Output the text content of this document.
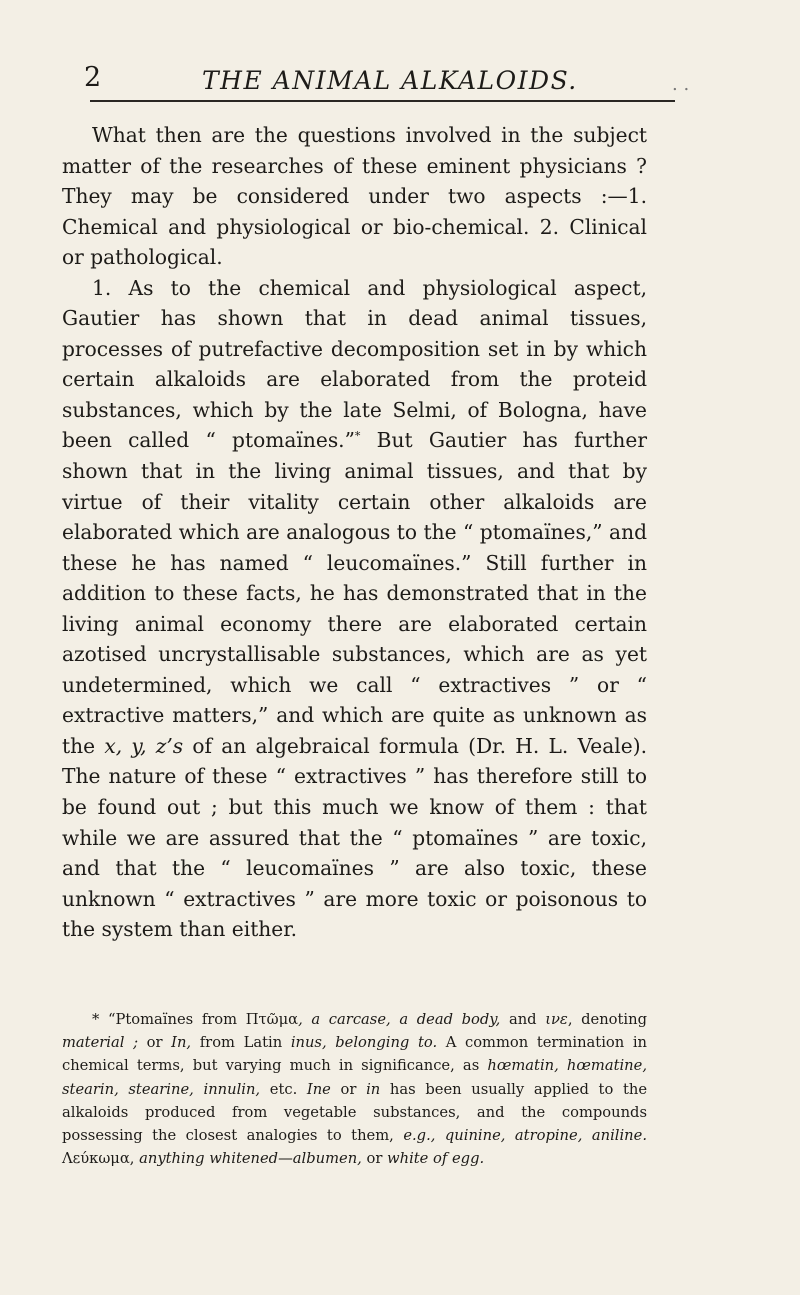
2	THE ANIMAL ALKALOIDS.	. .

What then are the questions involved in the subject matter of the researches of these eminent physicians ? They may be considered under two aspects :—1. Chemical and physiological or bio-chemical. 2. Clinical or pathological.

1. As to the chemical and physiological aspect, Gautier has shown that in dead animal tissues, processes of putrefactive decomposition set in by which certain alkaloids are elaborated from the proteid substances, which by the late Selmi, of Bologna, have been called “ ptomaïnes.”* But Gautier has further shown that in the living animal tissues, and that by virtue of their vitality certain other alkaloids are elaborated which are analogous to the “ ptomaïnes,” and these he has named “ leucomaïnes.” Still further in addition to these facts, he has demonstrated that in the living animal economy there are elaborated certain azotised uncrystallisable substances, which are as yet undetermined, which we call “ extractives ” or “ extractive matters,” and which are quite as unknown as the x, y, z’s of an algebraical formula (Dr. H. L. Veale). The nature of these “ extractives ” has therefore still to be found out ; but this much we know of them : that while we are assured that the “ ptomaïnes ” are toxic, and that the “ leucomaïnes ” are also toxic, these unknown “ extractives ” are more toxic or poisonous to the system than either.

* “Ptomaïnes from Πτῶμα, a carcase, a dead body, and ινε, denoting material ; or In, from Latin inus, belonging to. A common termination in chemical terms, but varying much in significance, as hœmatin, hœmatine, stearin, stearine, innulin, etc. Ine or in has been usually applied to the alkaloids produced from vegetable substances, and the compounds possessing the closest analogies to them, e.g., quinine, atropine, aniline. Λεύκωμα, anything whitened—albumen, or white of egg.
